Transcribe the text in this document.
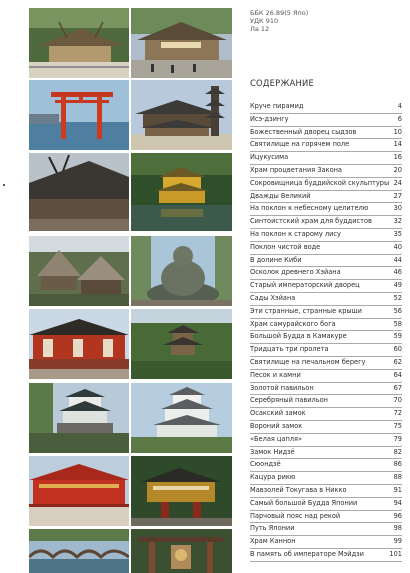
ББК 26.89(5 Япо)
УДК 910
Ла 12
СОДЕРЖАНИЕ
Круче пирамид	4
Исэ-дзингу	6
Божественный дворец сыдзов	10
Святилище на горячем поле	14
Ицукусима	16
Храм процветания Закона	20
Сокровищница буддийской скульптуры 24
Дважды Великий	27
На поклон к небесному целителю	30
Синтоистский храм для буддистов	32
На поклон к старому лису	35
Поклон чистой воде	40
В долине Киби	44
Осколок древнего Хэйана	46
Старый императорский дворец	49
Сады Хэйана	52
Эти странные, странные крыши	56
Храм самурайского бога	58
Большой Будда в Камакуре	59
Тридцать три пролета	60
Святилище на печальном берегу	62
Песок и камни	64
Золотой павильон	67
Серебряный павильон	70
Осакский замок	72
Вороний замок	75
«Белая цапля»	79
Замок Нидзё	82
Сюондзё	86
Кацура рикю	88
Мавзолей Токугава в Никко	91
Самый большой Будда Японии	94
Парчовый пояс над рекой	96
Путь Японии	98
Храм Каннон	99
В память об императоре Мэйдзи	101
